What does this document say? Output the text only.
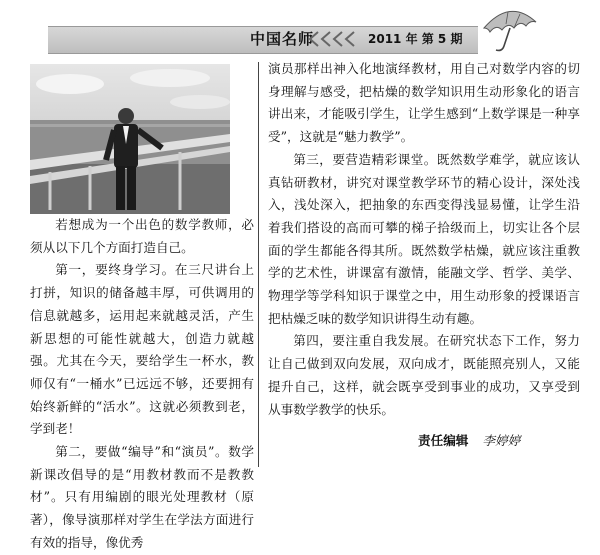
中国名师	2011 年 第 5 期

若想成为一个出色的数学教师，必须从以下几个方面打造自己。

第一，要终身学习。在三尺讲台上打拼，知识的储备越丰厚，可供调用的信息就越多，运用起来就越灵活，产生新思想的可能性就越大，创造力就越强。尤其在今天，要给学生一杯水，教师仅有“一桶水”已远远不够，还要拥有始终新鲜的“活水”。这就必须教到老，学到老！

第二，要做“编导”和“演员”。数学新课改倡导的是“用教材教而不是教教材”。只有用编剧的眼光处理教材（原著），像导演那样对学生在学法方面进行有效的指导，像优秀

演员那样出神入化地演绎教材，用自己对数学内容的切身理解与感受，把枯燥的数学知识用生动形象化的语言讲出来，才能吸引学生，让学生感到“上数学课是一种享受”，这就是“魅力教学”。

第三，要营造精彩课堂。既然数学难学，就应该认真钻研教材，讲究对课堂教学环节的精心设计，深处浅入，浅处深入，把抽象的东西变得浅显易懂，让学生沿着我们搭设的高而可攀的梯子拾级而上，切实让各个层面的学生都能各得其所。既然数学枯燥，就应该注重教学的艺术性，讲课富有激情，能融文学、哲学、美学、物理学等学科知识于课堂之中，用生动形象的授课语言把枯燥乏味的数学知识讲得生动有趣。

第四，要注重自我发展。在研究状态下工作，努力让自己做到双向发展，双向成才，既能照亮别人，又能提升自己，这样，就会既享受到事业的成功，又享受到从事数学教学的快乐。

责任编辑 李婷婷
